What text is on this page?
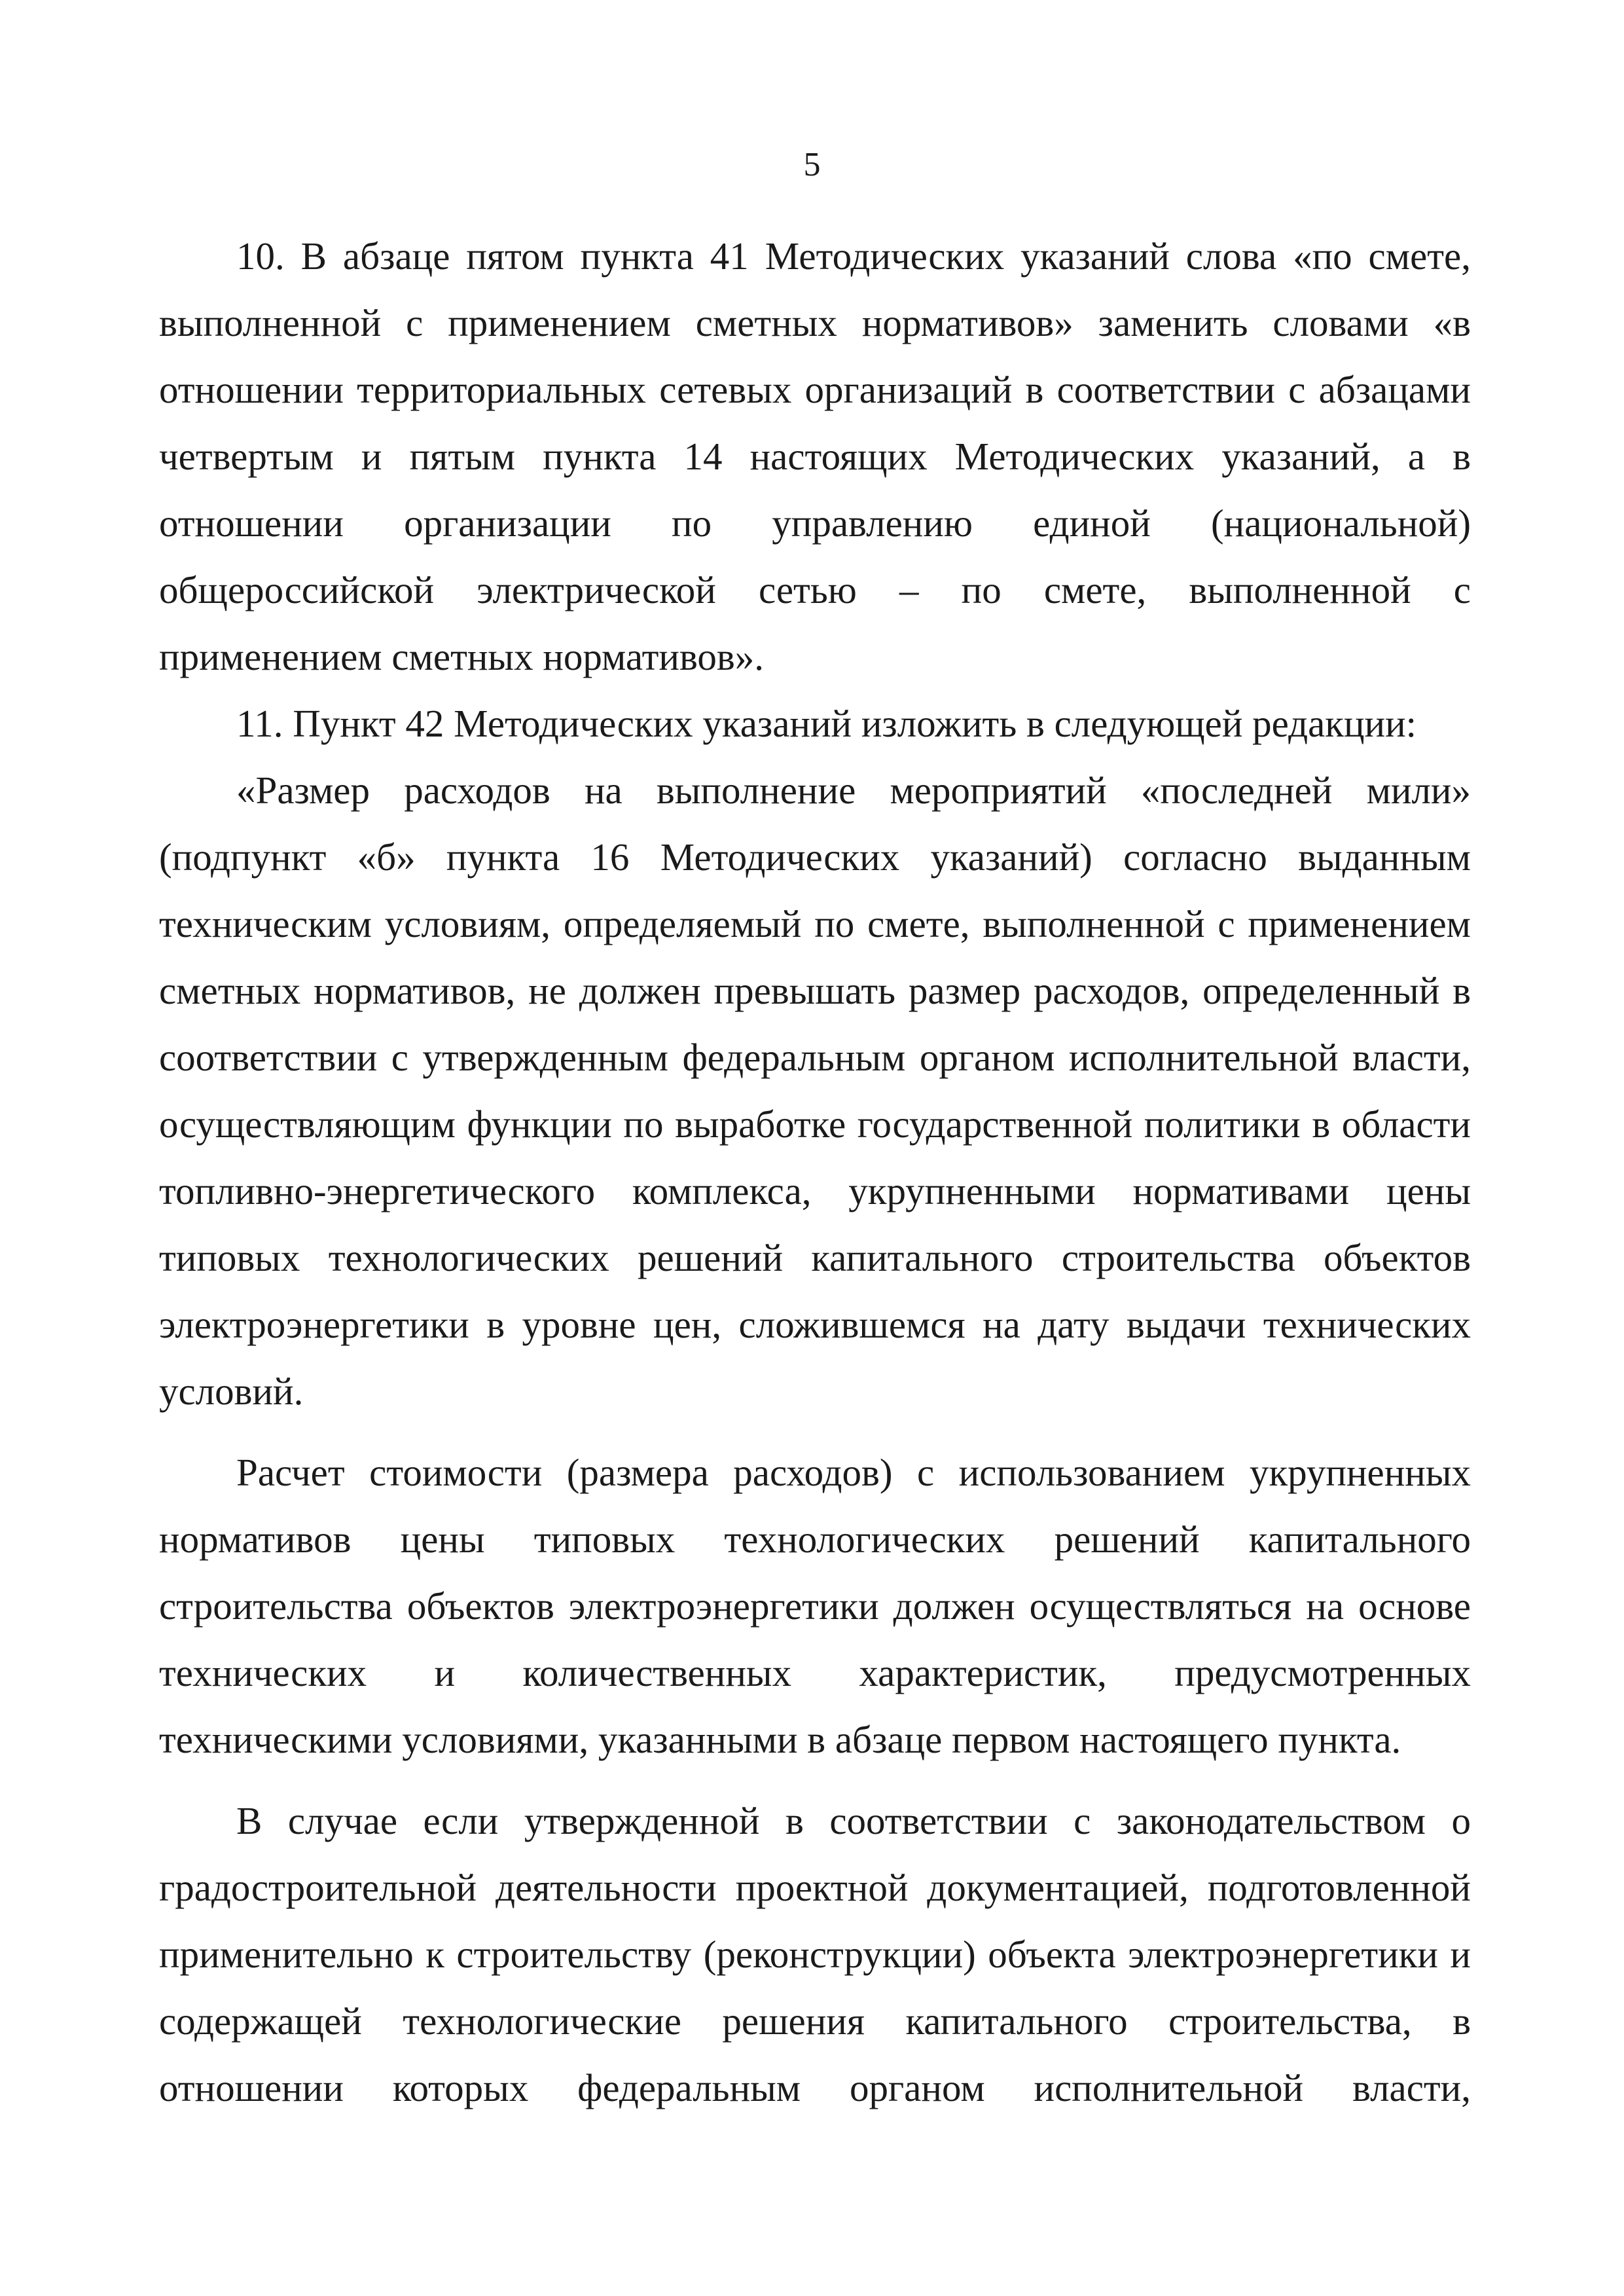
5

10. В абзаце пятом пункта 41 Методических указаний слова «по смете, выполненной с применением сметных нормативов» заменить словами «в отношении территориальных сетевых организаций в соответствии с абзацами четвертым и пятым пункта 14 настоящих Методических указаний, а в отношении организации по управлению единой (национальной) общероссийской электрической сетью – по смете, выполненной с применением сметных нормативов».

11. Пункт 42 Методических указаний изложить в следующей редакции:

«Размер расходов на выполнение мероприятий «последней мили» (подпункт «б» пункта 16 Методических указаний) согласно выданным техническим условиям, определяемый по смете, выполненной с применением сметных нормативов, не должен превышать размер расходов, определенный в соответствии с утвержденным федеральным органом исполнительной власти, осуществляющим функции по выработке государственной политики в области топливно-энергетического комплекса, укрупненными нормативами цены типовых технологических решений капитального строительства объектов электроэнергетики в уровне цен, сложившемся на дату выдачи технических условий.

Расчет стоимости (размера расходов) с использованием укрупненных нормативов цены типовых технологических решений капитального строительства объектов электроэнергетики должен осуществляться на основе технических и количественных характеристик, предусмотренных техническими условиями, указанными в абзаце первом настоящего пункта.

В случае если утвержденной в соответствии с законодательством о градостроительной деятельности проектной документацией, подготовленной применительно к строительству (реконструкции) объекта электроэнергетики и содержащей технологические решения капитального строительства, в отношении которых федеральным органом исполнительной власти,
